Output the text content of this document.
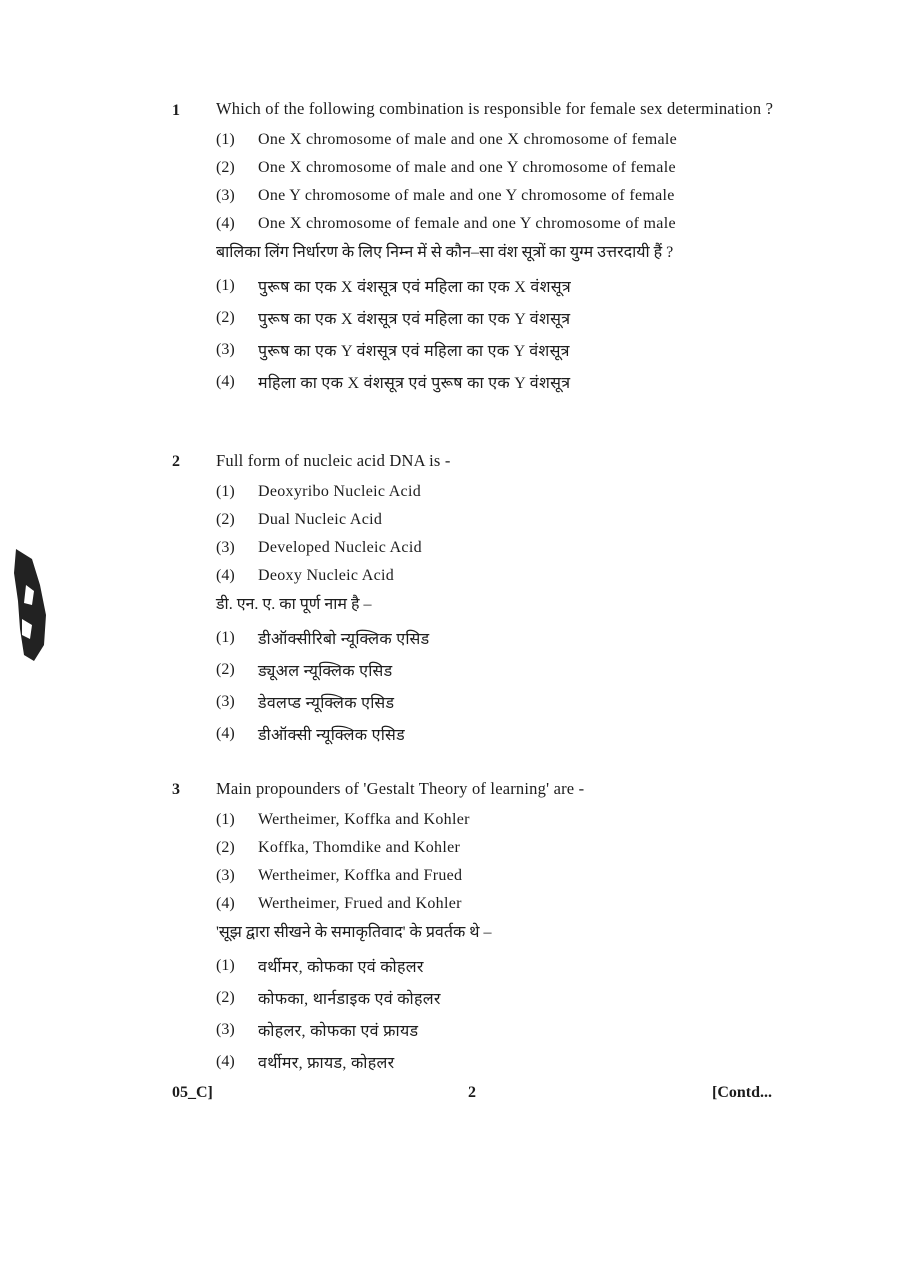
1 Which of the following combination is responsible for female sex determination ?

(1)	One X chromosome of male and one X chromosome of female
(2)	One X chromosome of male and one Y chromosome of female
(3)	One Y chromosome of male and one Y chromosome of female
(4)	One X chromosome of female and one Y chromosome of male

बालिका लिंग निर्धारण के लिए निम्न में से कौन–सा वंश सूत्रों का युग्म उत्तरदायी हैं ?

(1)	पुरूष का एक X वंशसूत्र एवं महिला का एक X वंशसूत्र
(2)	पुरूष का एक X वंशसूत्र एवं महिला का एक Y वंशसूत्र
(3)	पुरूष का एक Y वंशसूत्र एवं महिला का एक Y वंशसूत्र
(4)	महिला का एक X वंशसूत्र एवं पुरूष का एक Y वंशसूत्र
2 Full form of nucleic acid DNA is -

(1)	Deoxyribo Nucleic Acid
(2)	Dual Nucleic Acid
(3)	Developed Nucleic Acid
(4)	Deoxy Nucleic Acid

डी. एन. ए. का पूर्ण नाम है –

(1)	डीऑक्सीरिबो न्यूक्लिक एसिड
(2)	ड्यूअल न्यूक्लिक एसिड
(3)	डेवलप्ड न्यूक्लिक एसिड
(4)	डीऑक्सी न्यूक्लिक एसिड
3 Main propounders of 'Gestalt Theory of learning' are -

(1)	Wertheimer, Koffka and Kohler
(2)	Koffka, Thomdike and Kohler
(3)	Wertheimer, Koffka and Frued
(4)	Wertheimer, Frued and Kohler

'सूझ द्वारा सीखने के समाकृतिवाद' के प्रवर्तक थे –

(1)	वर्थीमर, कोफका एवं कोहलर
(2)	कोफका, थार्नडाइक एवं कोहलर
(3)	कोहलर, कोफका एवं फ्रायड
(4)	वर्थीमर, फ्रायड, कोहलर
05_C]	2	[Contd...
